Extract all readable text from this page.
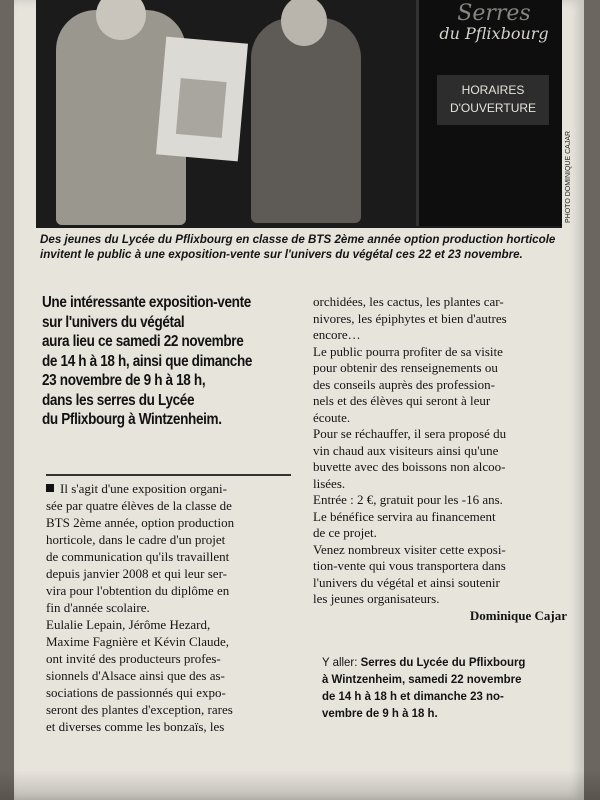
Serres
du Pflixbourg
HORAIRES
D'OUVERTURE
PHOTO DOMINIQUE CAJAR
Des jeunes du Lycée du Pflixbourg en classe de BTS 2ème année option production horticole invitent le public à une exposition-vente sur l'univers du végétal ces 22 et 23 novembre.
Une intéressante exposition-vente
sur l'univers du végétal
aura lieu ce samedi 22 novembre
de 14 h à 18 h, ainsi que dimanche
23 novembre de 9 h à 18 h,
dans les serres du Lycée
du Pflixbourg à Wintzenheim.
Il s'agit d'une exposition organi-
sée par quatre élèves de la classe de
BTS 2ème année, option production
horticole, dans le cadre d'un projet
de communication qu'ils travaillent
depuis janvier 2008 et qui leur ser-
vira pour l'obtention du diplôme en
fin d'année scolaire.
Eulalie Lepain, Jérôme Hezard,
Maxime Fagnière et Kévin Claude,
ont invité des producteurs profes-
sionnels d'Alsace ainsi que des as-
sociations de passionnés qui expo-
seront des plantes d'exception, rares
et diverses comme les bonzaïs, les
orchidées, les cactus, les plantes car-
nivores, les épiphytes et bien d'autres
encore…
Le public pourra profiter de sa visite
pour obtenir des renseignements ou
des conseils auprès des profession-
nels et des élèves qui seront à leur
écoute.
Pour se réchauffer, il sera proposé du
vin chaud aux visiteurs ainsi qu'une
buvette avec des boissons non alcoo-
lisées.
Entrée : 2 €, gratuit pour les -16 ans.
Le bénéfice servira au financement
de ce projet.
Venez nombreux visiter cette exposi-
tion-vente qui vous transportera dans
l'univers du végétal et ainsi soutenir
les jeunes organisateurs.
Dominique Cajar
Y aller: Serres du Lycée du Pflixbourg
à Wintzenheim, samedi 22 novembre
de 14 h à 18 h et dimanche 23 no-
vembre de 9 h à 18 h.
